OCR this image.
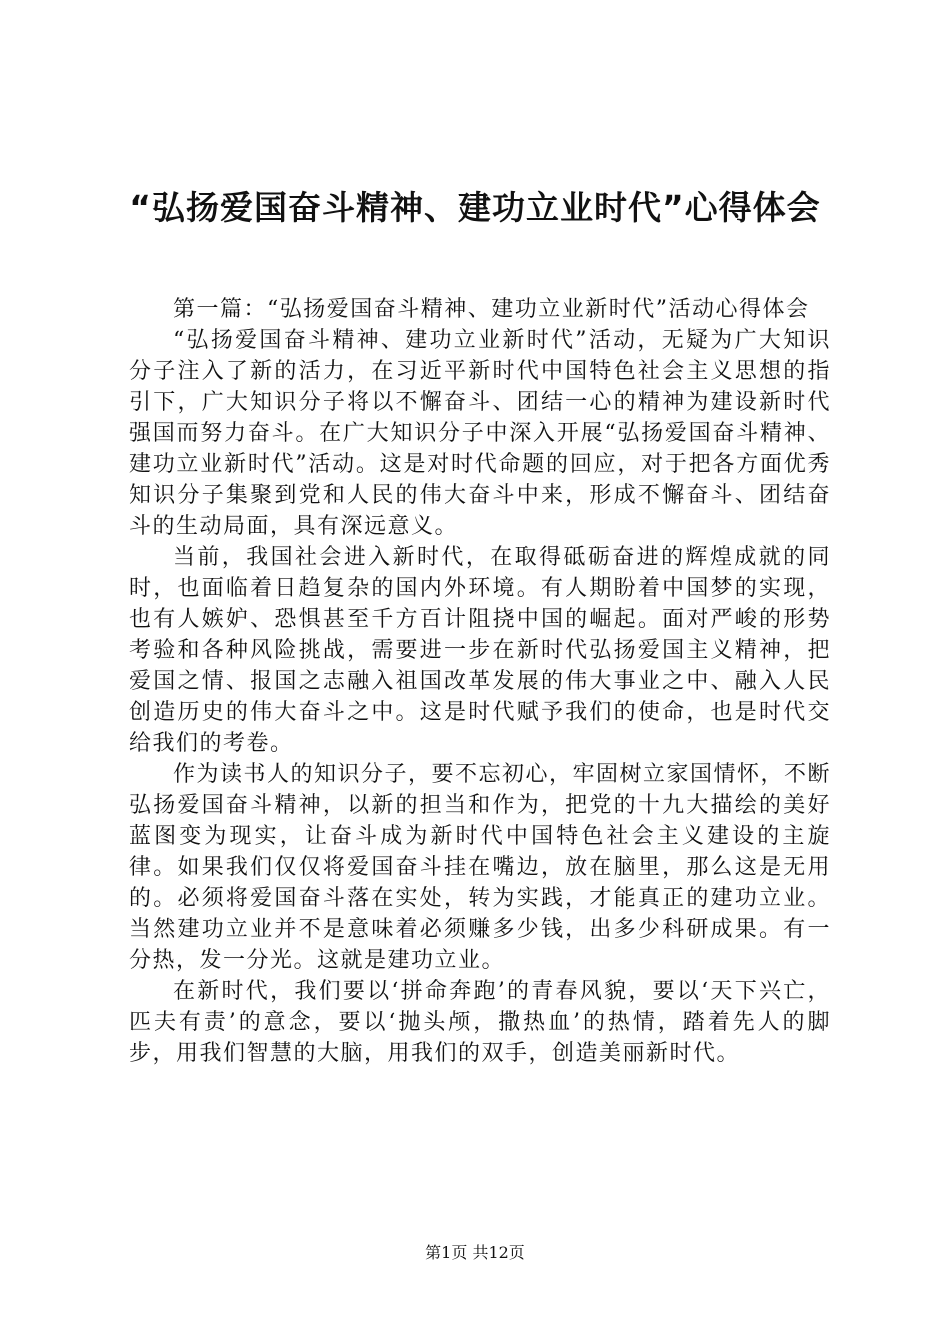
“弘扬爱国奋斗精神、建功立业时代”心得体会

第一篇：“弘扬爱国奋斗精神、建功立业新时代”活动心得体会

“弘扬爱国奋斗精神、建功立业新时代”活动，无疑为广大知识分子注入了新的活力，在习近平新时代中国特色社会主义思想的指引下，广大知识分子将以不懈奋斗、团结一心的精神为建设新时代强国而努力奋斗。在广大知识分子中深入开展“弘扬爱国奋斗精神、建功立业新时代”活动。这是对时代命题的回应，对于把各方面优秀知识分子集聚到党和人民的伟大奋斗中来，形成不懈奋斗、团结奋斗的生动局面，具有深远意义。

当前，我国社会进入新时代，在取得砥砺奋进的辉煌成就的同时，也面临着日趋复杂的国内外环境。有人期盼着中国梦的实现，也有人嫉妒、恐惧甚至千方百计阻挠中国的崛起。面对严峻的形势考验和各种风险挑战，需要进一步在新时代弘扬爱国主义精神，把爱国之情、报国之志融入祖国改革发展的伟大事业之中、融入人民创造历史的伟大奋斗之中。这是时代赋予我们的使命，也是时代交给我们的考卷。

作为读书人的知识分子，要不忘初心，牢固树立家国情怀，不断弘扬爱国奋斗精神，以新的担当和作为，把党的十九大描绘的美好蓝图变为现实，让奋斗成为新时代中国特色社会主义建设的主旋律。如果我们仅仅将爱国奋斗挂在嘴边，放在脑里，那么这是无用的。必须将爱国奋斗落在实处，转为实践，才能真正的建功立业。当然建功立业并不是意味着必须赚多少钱，出多少科研成果。有一分热，发一分光。这就是建功立业。

在新时代，我们要以‘拼命奔跑’的青春风貌，要以‘天下兴亡，匹夫有责’的意念，要以‘抛头颅，撒热血’的热情，踏着先人的脚步，用我们智慧的大脑，用我们的双手，创造美丽新时代。

第1页 共12页
